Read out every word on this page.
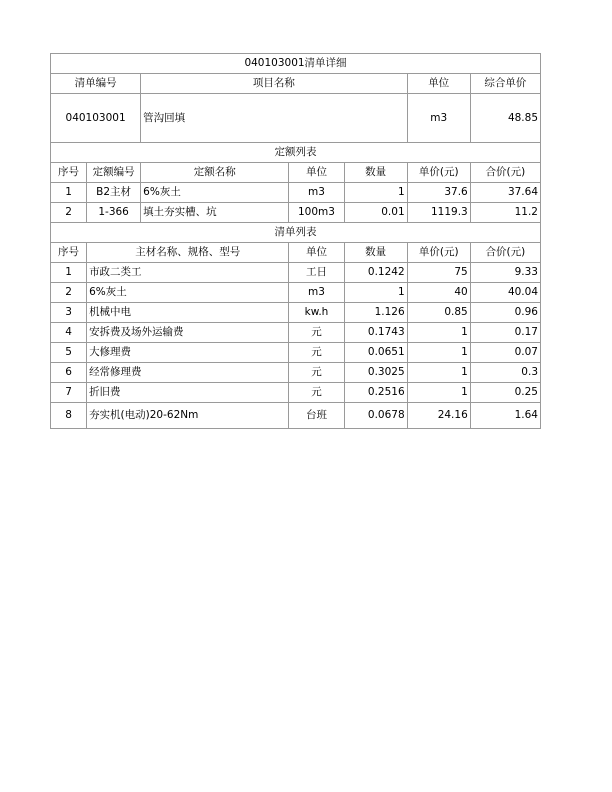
040103001清单详细						
清单编号		项目名称			单位	综合单价
040103001		管沟回填			m3	48.85
定额列表						
序号	定额编号	定额名称	单位	数量	单价(元)	合价(元)
1	B2主材	6%灰土	m3	1	37.6	37.64
2	1-366	填土夯实槽、坑	100m3	0.01	1119.3	11.2
清单列表						
序号	主材名称、规格、型号		单位	数量	单价(元)	合价(元)
1	市政二类工		工日	0.1242	75	9.33
2	6%灰土		m3	1	40	40.04
3	机械中电		kw.h	1.126	0.85	0.96
4	安拆费及场外运输费		元	0.1743	1	0.17
5	大修理费		元	0.0651	1	0.07
6	经常修理费		元	0.3025	1	0.3
7	折旧费		元	0.2516	1	0.25
8	夯实机(电动)20-62Nm		台班	0.0678	24.16	1.64
